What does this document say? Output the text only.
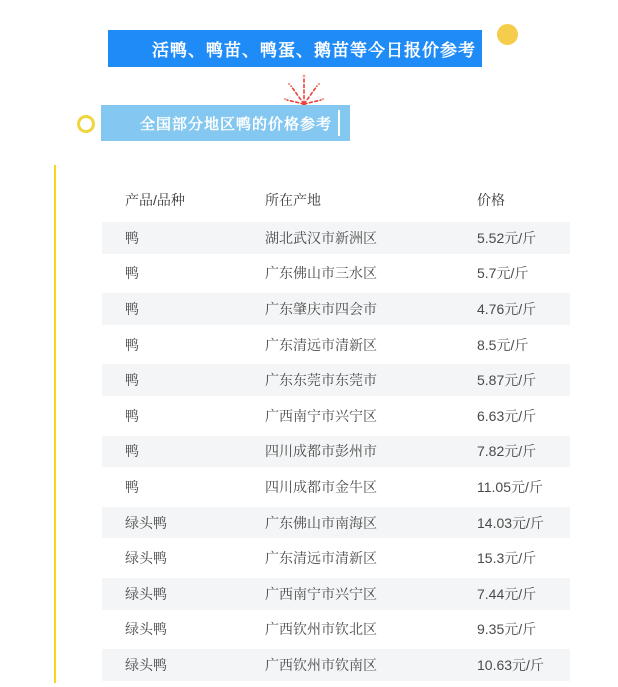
活鸭、鸭苗、鸭蛋、鹅苗等今日报价参考
全国部分地区鸭的价格参考
产品/品种	所在产地	价格
鸭	湖北武汉市新洲区	5.52元/斤
鸭	广东佛山市三水区	5.7元/斤
鸭	广东肇庆市四会市	4.76元/斤
鸭	广东清远市清新区	8.5元/斤
鸭	广东东莞市东莞市	5.87元/斤
鸭	广西南宁市兴宁区	6.63元/斤
鸭	四川成都市彭州市	7.82元/斤
鸭	四川成都市金牛区	11.05元/斤
绿头鸭	广东佛山市南海区	14.03元/斤
绿头鸭	广东清远市清新区	15.3元/斤
绿头鸭	广西南宁市兴宁区	7.44元/斤
绿头鸭	广西钦州市钦北区	9.35元/斤
绿头鸭	广西钦州市钦南区	10.63元/斤
